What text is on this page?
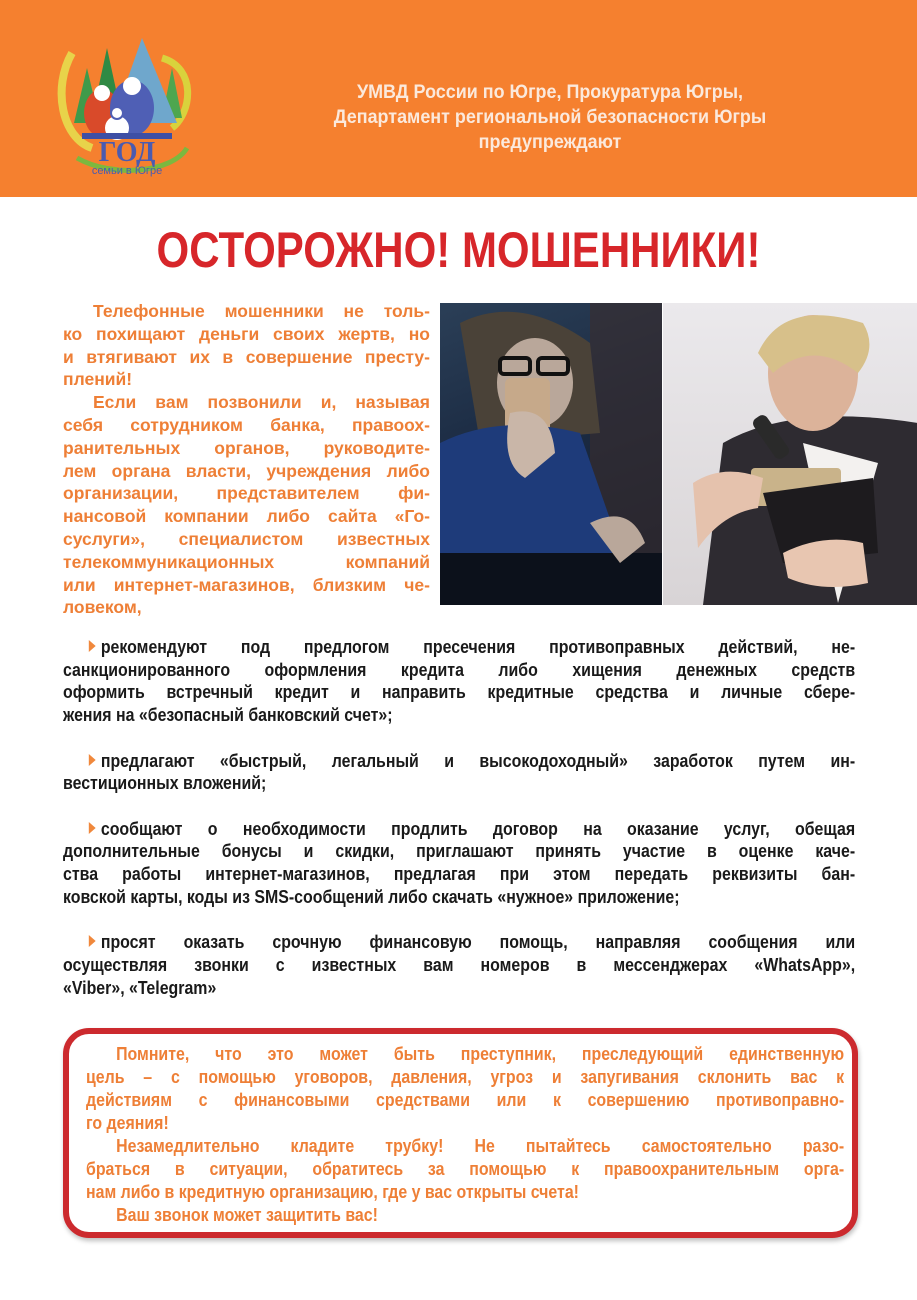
ГОД
семьи в Югре
УМВД России по Югре, Прокуратура Югры,
Департамент региональной безопасности Югры
предупреждают
ОСТОРОЖНО! МОШЕННИКИ!
Телефонные мошенники не толь-
ко похищают деньги своих жертв, но
и втягивают их в совершение престу-
плений!
Если вам позвонили и, называя
себя сотрудником банка, правоох-
ранительных органов, руководите-
лем органа власти, учреждения либо
организации, представителем фи-
нансовой компании либо сайта «Го-
суслуги», специалистом известных
телекоммуникационных компаний
или интернет-магазинов, близким че-
ловеком,
рекомендуют под предлогом пресечения противоправных действий, не-
санкционированного оформления кредита либо хищения денежных средств
оформить встречный кредит и направить кредитные средства и личные сбере-
жения на «безопасный банковский счет»;
предлагают «быстрый, легальный и высокодоходный» заработок путем ин-
вестиционных вложений;
сообщают о необходимости продлить договор на оказание услуг, обещая
дополнительные бонусы и скидки, приглашают принять участие в оценке каче-
ства работы интернет-магазинов, предлагая при этом передать реквизиты бан-
ковской карты, коды из SMS-сообщений либо скачать «нужное» приложение;
просят оказать срочную финансовую помощь, направляя сообщения или
осуществляя звонки с известных вам номеров в мессенджерах «WhatsApp»,
«Viber», «Telegram»
Помните, что это может быть преступник, преследующий единственную
цель – с помощью уговоров, давления, угроз и запугивания склонить вас к
действиям с финансовыми средствами или к совершению противоправно-
го деяния!
Незамедлительно кладите трубку! Не пытайтесь самостоятельно разо-
браться в ситуации, обратитесь за помощью к правоохранительным орга-
нам либо в кредитную организацию, где у вас открыты счета!
Ваш звонок может защитить вас!
